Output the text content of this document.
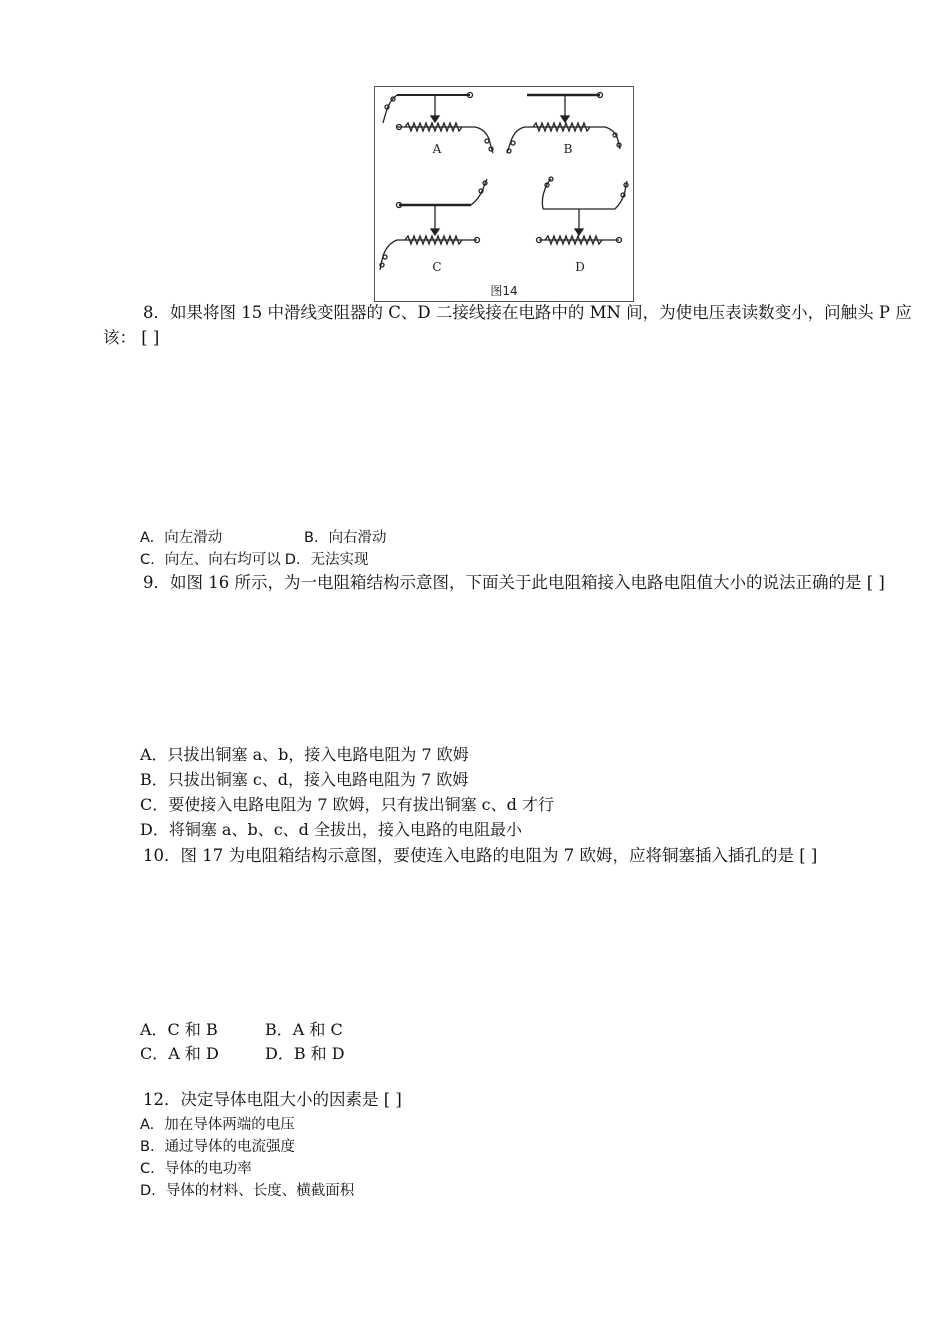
A	B
C	D
图14
8．如果将图 15 中滑线变阻器的 C、D 二接线接在电路中的 MN 间，为使电压表读数变小，问触头 P 应该： [ ]
A. 向左滑动	B. 向右滑动
C. 向左、向右均可以 D. 无法实现
9．如图 16 所示，为一电阻箱结构示意图，下面关于此电阻箱接入电路电阻值大小的说法正确的是 [ ]
A．只拔出铜塞 a、b，接入电路电阻为 7 欧姆
B．只拔出铜塞 c、d，接入电路电阻为 7 欧姆
C．要使接入电路电阻为 7 欧姆，只有拔出铜塞 c、d 才行
D．将铜塞 a、b、c、d 全拔出，接入电路的电阻最小
10．图 17 为电阻箱结构示意图，要使连入电路的电阻为 7 欧姆，应将铜塞插入插孔的是 [ ]
A．C 和 B	B．A 和 C
C．A 和 D	D．B 和 D
12．决定导体电阻大小的因素是 [ ]
A. 加在导体两端的电压
B. 通过导体的电流强度
C. 导体的电功率
D. 导体的材料、长度、横截面积
